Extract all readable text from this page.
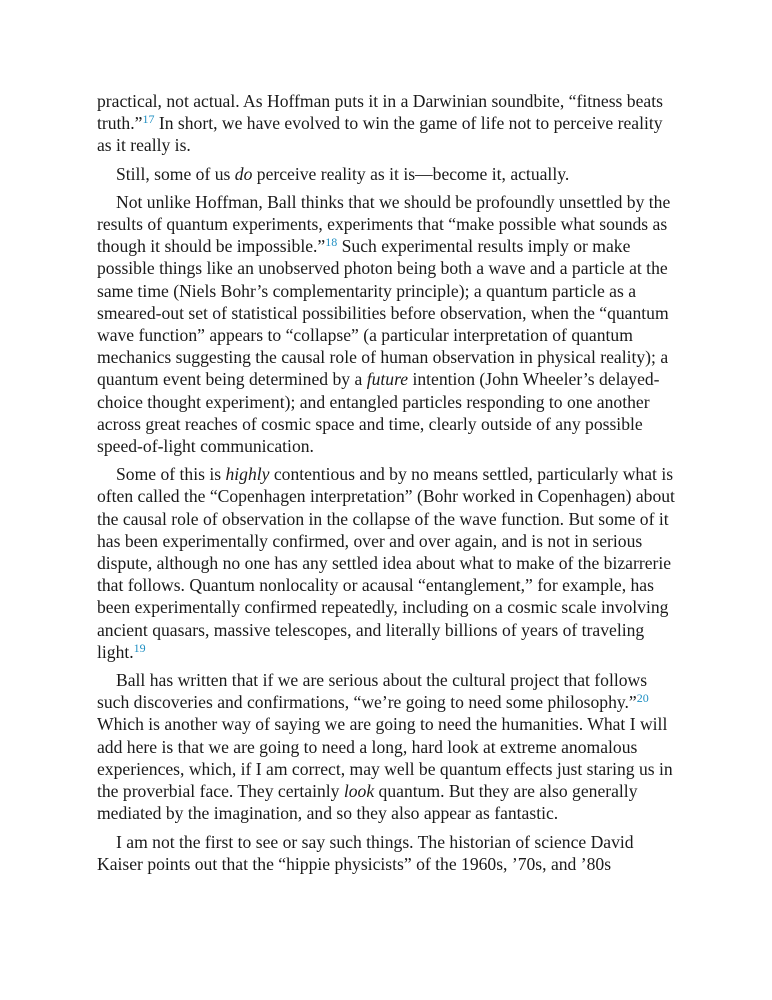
practical, not actual. As Hoffman puts it in a Darwinian soundbite, “fitness beats truth.”$^{17}$ In short, we have evolved to win the game of life not to perceive reality as it really is.

Still, some of us do perceive reality as it is—become it, actually.

Not unlike Hoffman, Ball thinks that we should be profoundly unsettled by the results of quantum experiments, experiments that “make possible what sounds as though it should be impossible.”$^{18}$ Such experimental results imply or make possible things like an unobserved photon being both a wave and a particle at the same time (Niels Bohr’s complementarity principle); a quantum particle as a smeared-out set of statistical possibilities before observation, when the “quantum wave function” appears to “collapse” (a particular interpretation of quantum mechanics suggesting the causal role of human observation in physical reality); a quantum event being determined by a future intention (John Wheeler’s delayed-choice thought experiment); and entangled particles responding to one another across great reaches of cosmic space and time, clearly outside of any possible speed-of-light communication.

Some of this is highly contentious and by no means settled, particularly what is often called the “Copenhagen interpretation” (Bohr worked in Copenhagen) about the causal role of observation in the collapse of the wave function. But some of it has been experimentally confirmed, over and over again, and is not in serious dispute, although no one has any settled idea about what to make of the bizarrerie that follows. Quantum nonlocality or acausal “entanglement,” for example, has been experimentally confirmed repeatedly, including on a cosmic scale involving ancient quasars, massive telescopes, and literally billions of years of traveling light.$^{19}$

Ball has written that if we are serious about the cultural project that follows such discoveries and confirmations, “we’re going to need some philosophy.”$^{20}$ Which is another way of saying we are going to need the humanities. What I will add here is that we are going to need a long, hard look at extreme anomalous experiences, which, if I am correct, may well be quantum effects just staring us in the proverbial face. They certainly look quantum. But they are also generally mediated by the imagination, and so they also appear as fantastic.

I am not the first to see or say such things. The historian of science David Kaiser points out that the “hippie physicists” of the 1960s, ’70s, and ’80s
